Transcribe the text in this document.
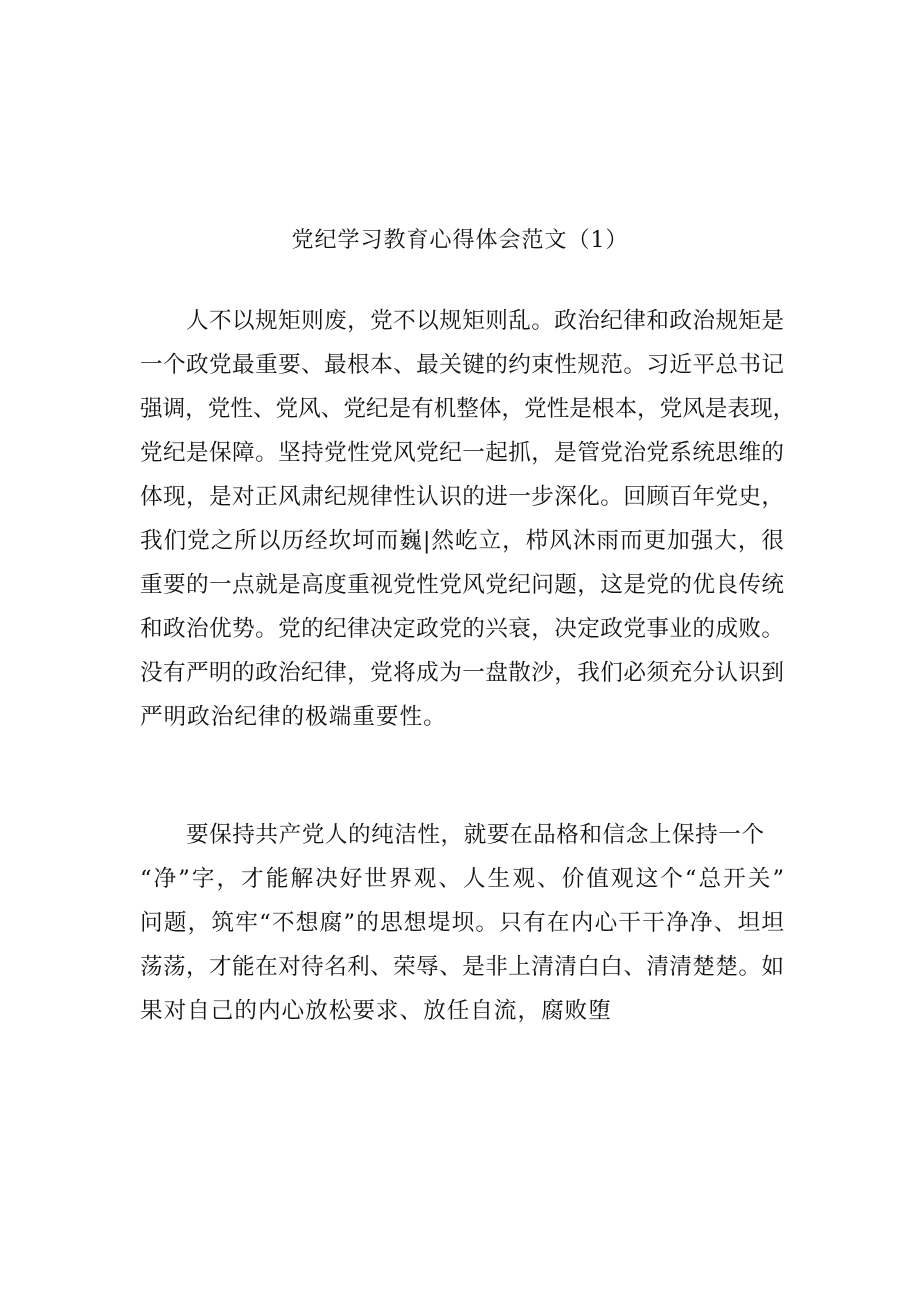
党纪学习教育心得体会范文（1）
人不以规矩则废，党不以规矩则乱。政治纪律和政治规矩是
一个政党最重要、最根本、最关键的约束性规范。习近平总书记
强调，党性、党风、党纪是有机整体，党性是根本，党风是表现，
党纪是保障。坚持党性党风党纪一起抓，是管党治党系统思维的
体现，是对正风肃纪规律性认识的进一步深化。回顾百年党史，
我们党之所以历经坎坷而巍|然屹立，栉风沐雨而更加强大，很
重要的一点就是高度重视党性党风党纪问题，这是党的优良传统
和政治优势。党的纪律决定政党的兴衰，决定政党事业的成败。
没有严明的政治纪律，党将成为一盘散沙，我们必须充分认识到
严明政治纪律的极端重要性。
要保持共产党人的纯洁性，就要在品格和信念上保持一个
“净”字，才能解决好世界观、人生观、价值观这个“总开关”
问题，筑牢“不想腐”的思想堤坝。只有在内心干干净净、坦坦
荡荡，才能在对待名利、荣辱、是非上清清白白、清清楚楚。如
果对自己的内心放松要求、放任自流，腐败堕
